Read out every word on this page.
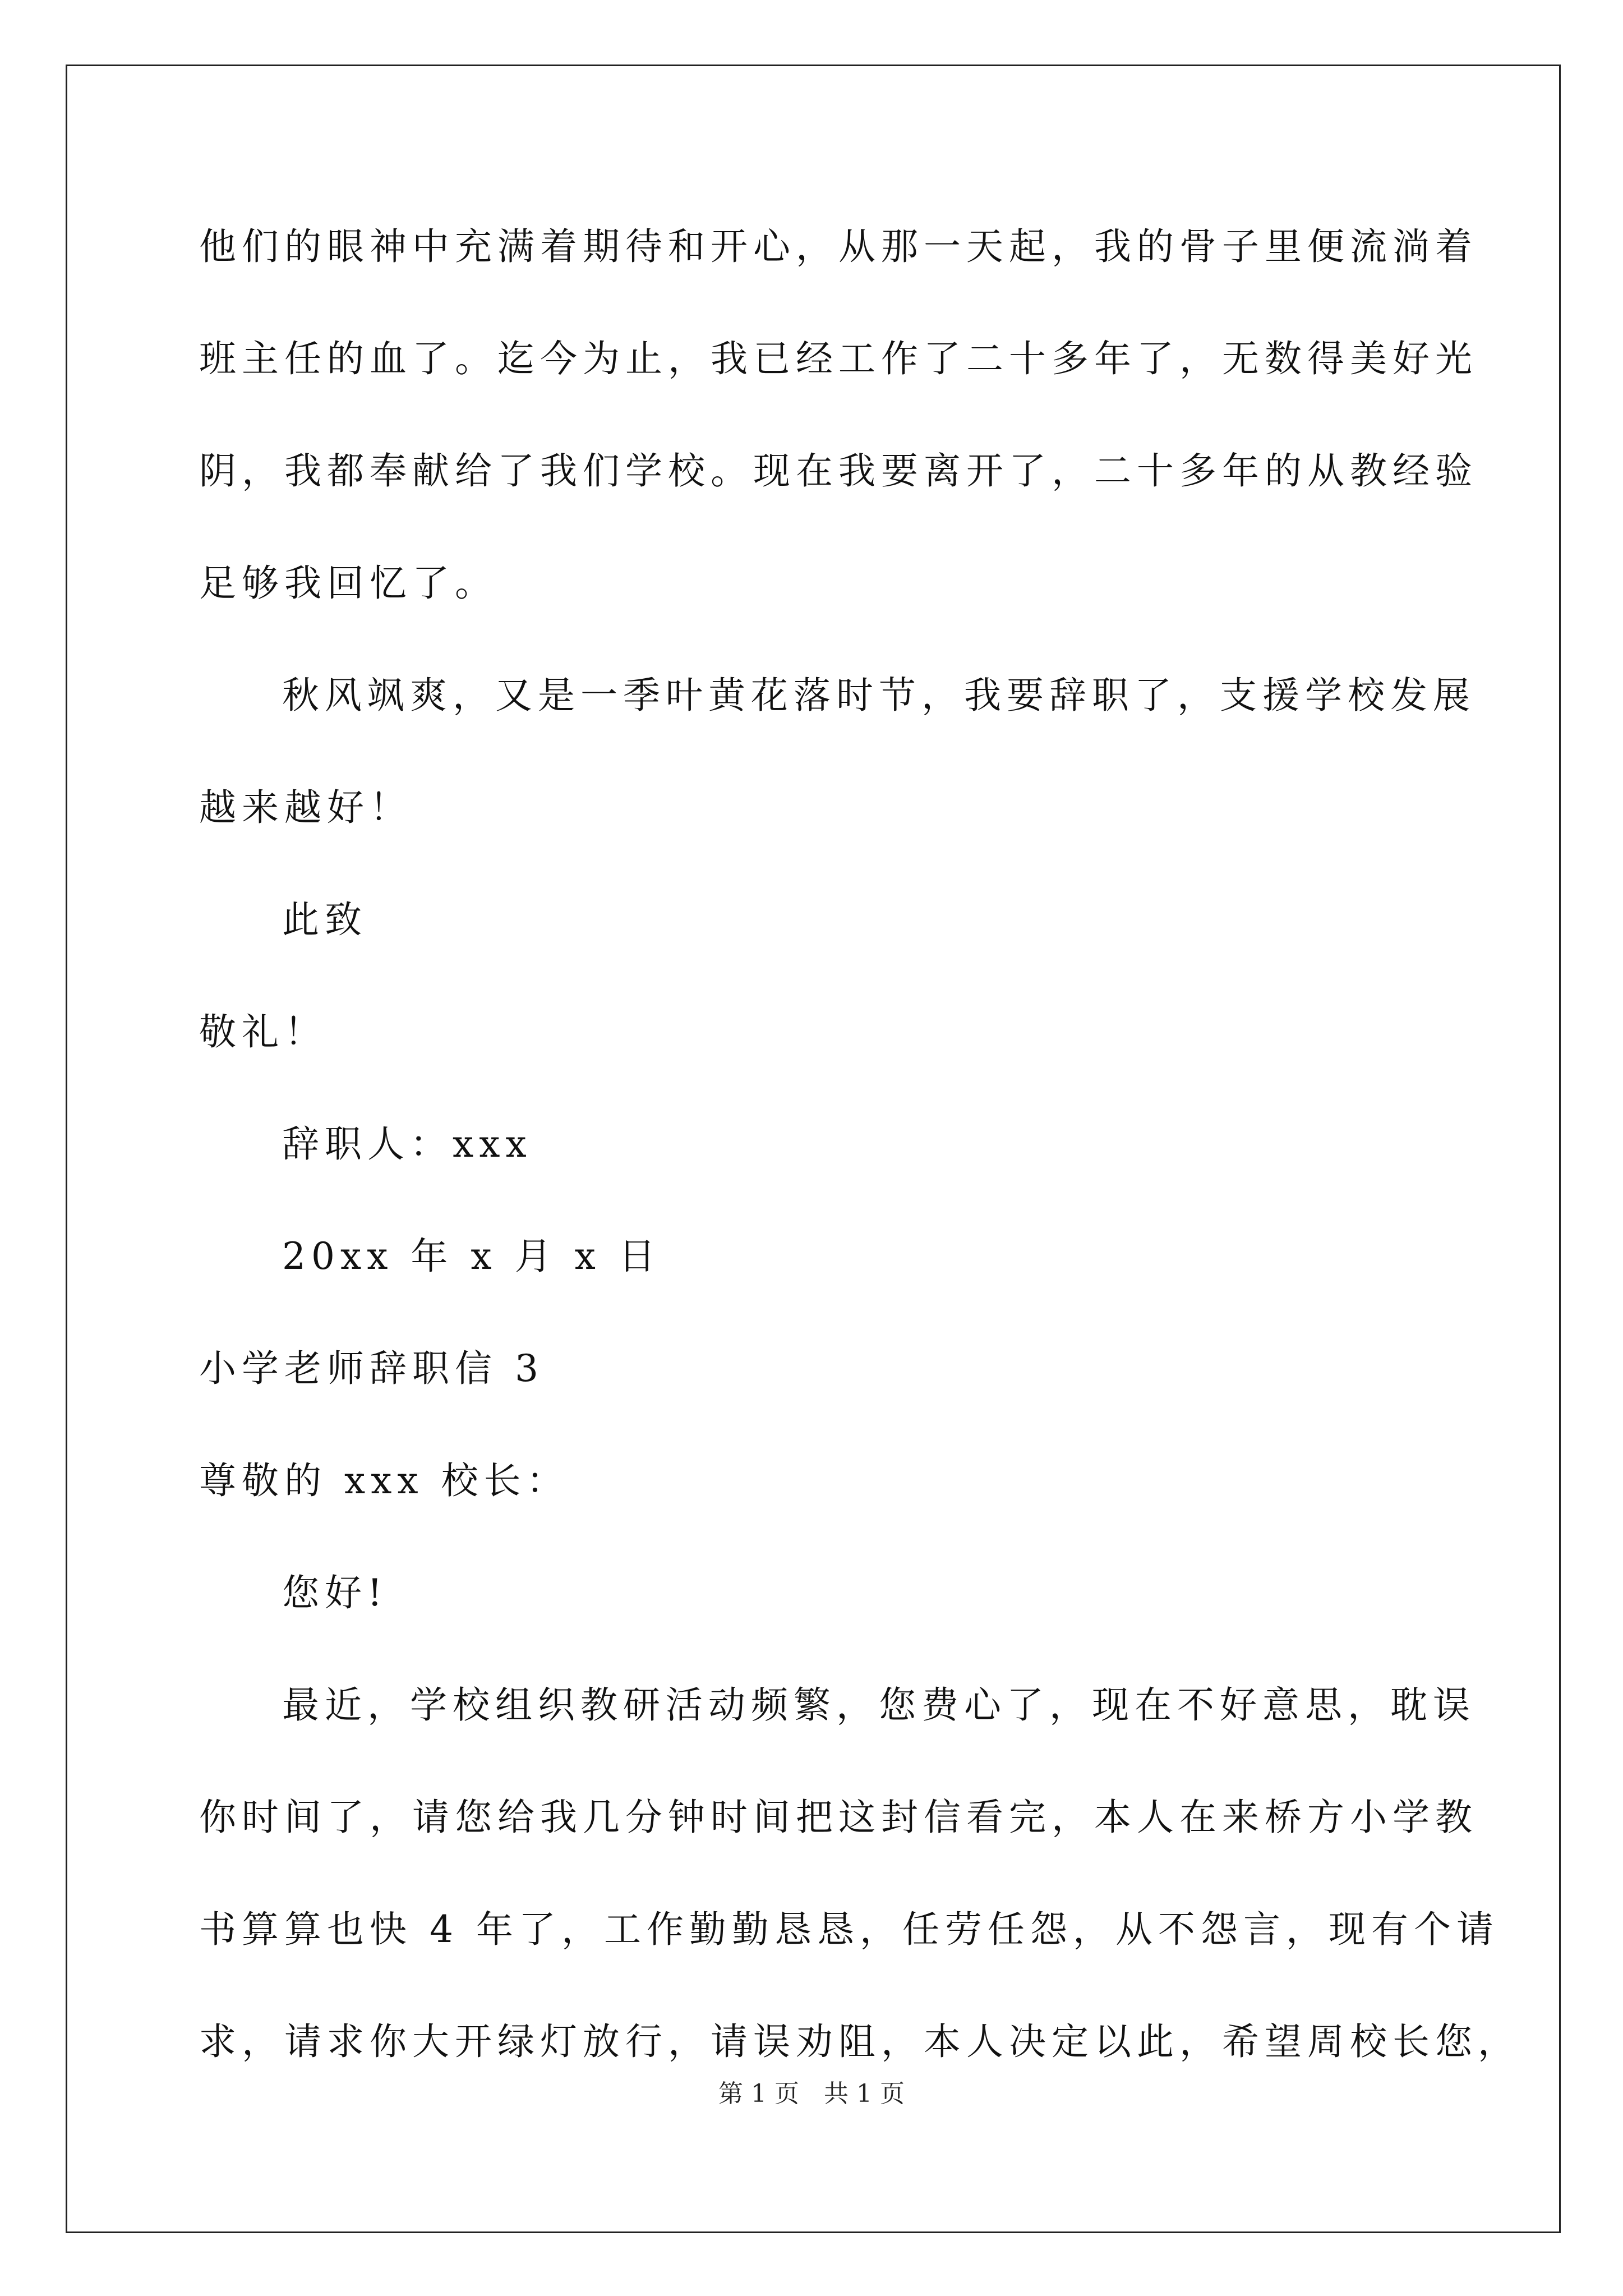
他们的眼神中充满着期待和开心，从那一天起，我的骨子里便流淌着
班主任的血了。迄今为止，我已经工作了二十多年了，无数得美好光
阴，我都奉献给了我们学校。现在我要离开了，二十多年的从教经验
足够我回忆了。
秋风飒爽，又是一季叶黄花落时节，我要辞职了，支援学校发展
越来越好！
此致
敬礼！
辞职人：xxx
20xx 年 x 月 x 日
小学老师辞职信 3
尊敬的 xxx 校长：
您好!
最近，学校组织教研活动频繁，您费心了，现在不好意思，耽误
你时间了，请您给我几分钟时间把这封信看完，本人在来桥方小学教
书算算也快 4 年了，工作勤勤恳恳，任劳任怨，从不怨言，现有个请
求，请求你大开绿灯放行，请误劝阻，本人决定以此，希望周校长您，
第 1 页　共 1 页
